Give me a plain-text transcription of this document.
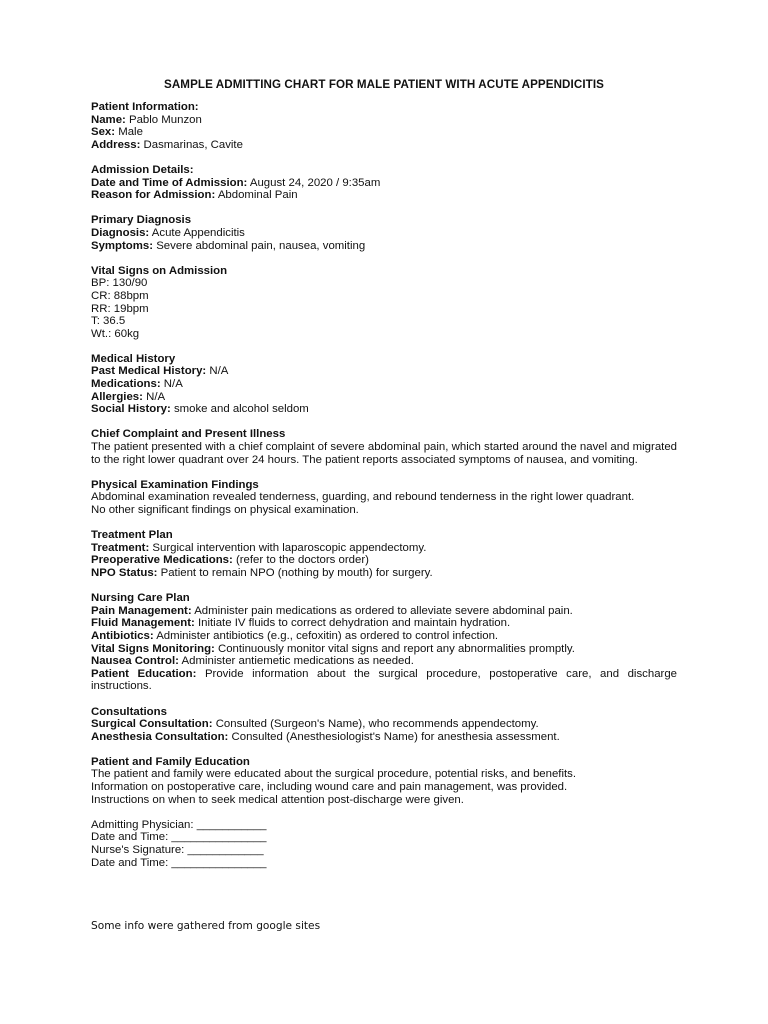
SAMPLE ADMITTING CHART FOR MALE PATIENT WITH ACUTE APPENDICITIS
Patient Information:
Name: Pablo Munzon
Sex: Male
Address: Dasmarinas, Cavite
Admission Details:
Date and Time of Admission: August 24, 2020 / 9:35am
Reason for Admission: Abdominal Pain
Primary Diagnosis
Diagnosis: Acute Appendicitis
Symptoms: Severe abdominal pain, nausea, vomiting
Vital Signs on Admission
BP: 130/90
CR: 88bpm
RR: 19bpm
T: 36.5
Wt.: 60kg
Medical History
Past Medical History: N/A
Medications: N/A
Allergies: N/A
Social History: smoke and alcohol seldom
Chief Complaint and Present Illness
The patient presented with a chief complaint of severe abdominal pain, which started around the navel and migrated to the right lower quadrant over 24 hours. The patient reports associated symptoms of nausea, and vomiting.
Physical Examination Findings
Abdominal examination revealed tenderness, guarding, and rebound tenderness in the right lower quadrant.
No other significant findings on physical examination.
Treatment Plan
Treatment: Surgical intervention with laparoscopic appendectomy.
Preoperative Medications: (refer to the doctors order)
NPO Status: Patient to remain NPO (nothing by mouth) for surgery.
Nursing Care Plan
Pain Management: Administer pain medications as ordered to alleviate severe abdominal pain.
Fluid Management: Initiate IV fluids to correct dehydration and maintain hydration.
Antibiotics: Administer antibiotics (e.g., cefoxitin) as ordered to control infection.
Vital Signs Monitoring: Continuously monitor vital signs and report any abnormalities promptly.
Nausea Control: Administer antiemetic medications as needed.
Patient Education: Provide information about the surgical procedure, postoperative care, and discharge instructions.
Consultations
Surgical Consultation: Consulted (Surgeon's Name), who recommends appendectomy.
Anesthesia Consultation: Consulted (Anesthesiologist's Name) for anesthesia assessment.
Patient and Family Education
The patient and family were educated about the surgical procedure, potential risks, and benefits.
Information on postoperative care, including wound care and pain management, was provided.
Instructions on when to seek medical attention post-discharge were given.
Admitting Physician: ___________
Date and Time: _______________
Nurse's Signature: ____________
Date and Time: _______________
Some info were gathered from google sites
